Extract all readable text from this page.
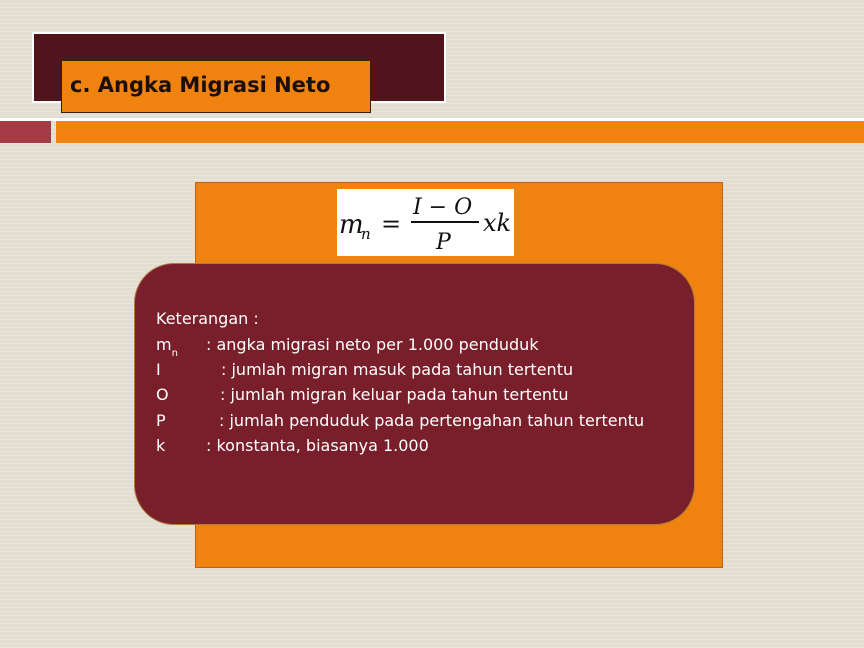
c. Angka Migrasi Neto
m
n =
I − O
P
xk
Keterangan :
$m_n$ : angka migrasi neto per 1.000 penduduk
I	: jumlah migran masuk pada tahun tertentu
O	: jumlah migran keluar pada tahun tertentu
P	: jumlah penduduk pada pertengahan tahun tertentu
k	: konstanta, biasanya 1.000
